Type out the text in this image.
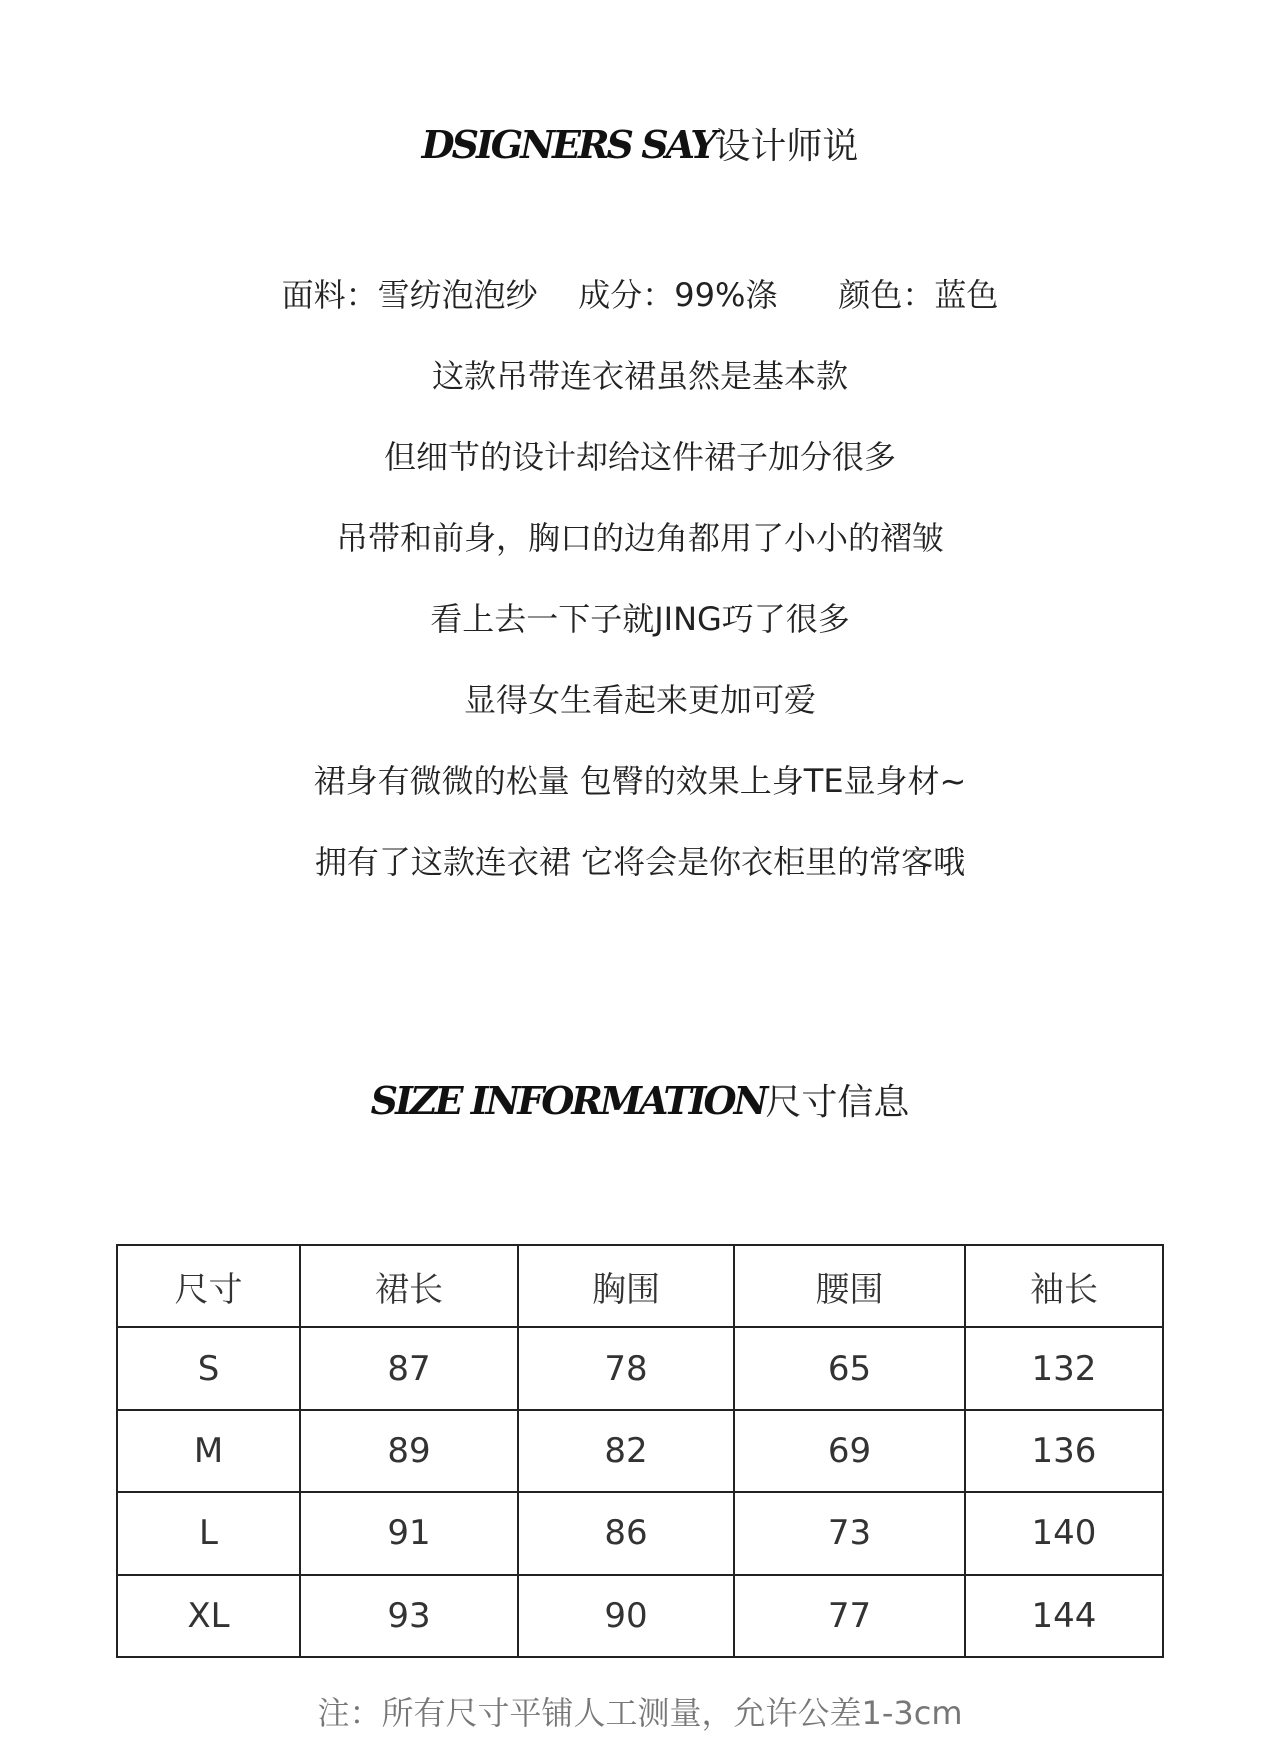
DSIGNERS SAY设计师说
面料：雪纺泡泡纱    成分：99%涤      颜色：蓝色
这款吊带连衣裙虽然是基本款
但细节的设计却给这件裙子加分很多
吊带和前身，胸口的边角都用了小小的褶皱
看上去一下子就JING巧了很多
显得女生看起来更加可爱
裙身有微微的松量 包臀的效果上身TE显身材~
拥有了这款连衣裙 它将会是你衣柜里的常客哦
SIZE INFORMATION尺寸信息
尺寸	裙长	胸围	腰围	袖长
S	87	78	65	132
M	89	82	69	136
L	91	86	73	140
XL	93	90	77	144
注：所有尺寸平铺人工测量，允许公差1-3cm
